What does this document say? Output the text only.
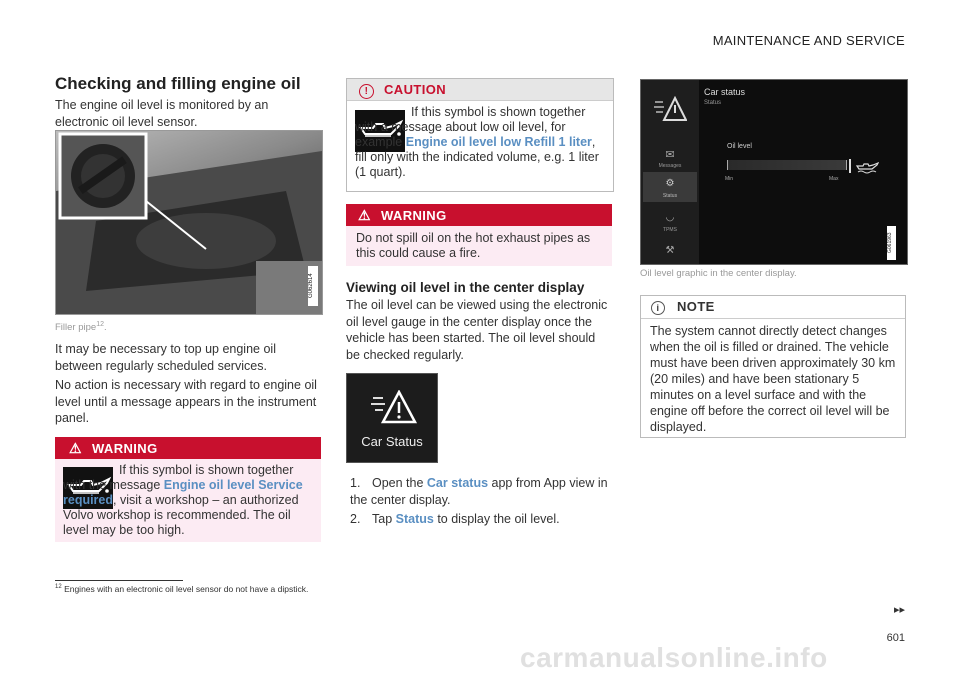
MAINTENANCE AND SERVICE
Checking and filling engine oil
The engine oil level is monitored by an electronic oil level sensor.
G062614
Filler pipe$^{12}$.
It may be necessary to top up engine oil between regularly scheduled services.
No action is necessary with regard to engine oil level until a message appears in the instrument panel.
⚠ WARNING
If this symbol is shown together with the message Engine oil level Service required, visit a workshop – an authorized Volvo workshop is recommended. The oil level may be too high.
! CAUTION
If this symbol is shown together with a message about low oil level, for example Engine oil level low Refill 1 liter, fill only with the indicated volume, e.g. 1 liter (1 quart).
⚠ WARNING
Do not spill oil on the hot exhaust pipes as this could cause a fire.
Viewing oil level in the center display
The oil level can be viewed using the electronic oil level gauge in the center display once the vehicle has been started. The oil level should be checked regularly.
Car Status
1. Open the Car status app from App view in the center display.
2. Tap Status to display the oil level.
✉
Messages
⚙
Status
◡
TPMS
⚒
Car status
Status
Oil level
Min	Max
G061963
Oil level graphic in the center display.
i NOTE
The system cannot directly detect changes when the oil is filled or drained. The vehicle must have been driven approximately 30 km (20 miles) and have been stationary 5 minutes on a level surface and with the engine off before the correct oil level will be displayed.
$^{12}$ Engines with an electronic oil level sensor do not have a dipstick.
▸▸
601
carmanualsonline.info
